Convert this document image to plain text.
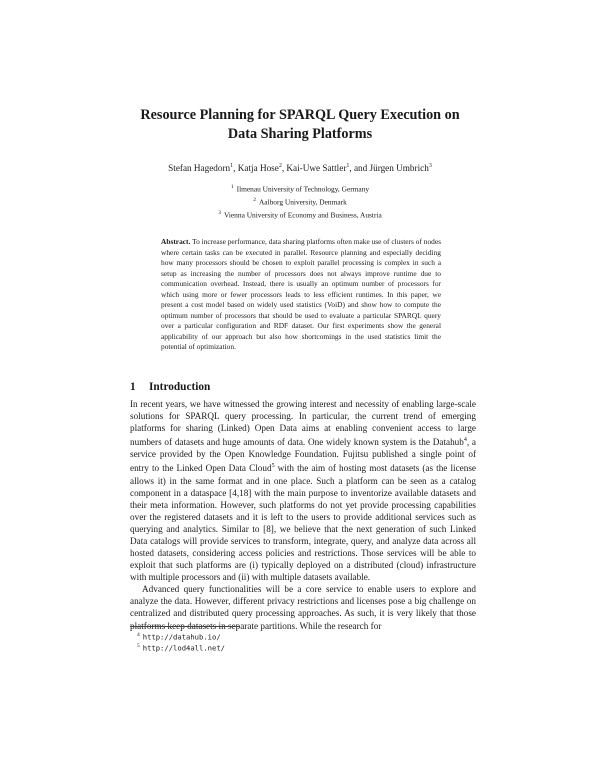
Resource Planning for SPARQL Query Execution on
Data Sharing Platforms
Stefan Hagedorn$^1$, Katja Hose$^2$, Kai-Uwe Sattler$^1$, and Jürgen Umbrich$^3$
$^1$ Ilmenau University of Technology, Germany
$^2$ Aalborg University, Denmark
$^3$ Vienna University of Economy and Business, Austria
Abstract. To increase performance, data sharing platforms often make use of clusters of nodes where certain tasks can be executed in parallel. Resource planning and especially deciding how many processors should be chosen to exploit parallel processing is complex in such a setup as increasing the number of processors does not always improve runtime due to communication overhead. Instead, there is usually an optimum number of processors for which using more or fewer processors leads to less efficient runtimes. In this paper, we present a cost model based on widely used statistics (VoiD) and show how to compute the optimum number of processors that should be used to evaluate a particular SPARQL query over a particular configuration and RDF dataset. Our first experiments show the general applicability of our approach but also how shortcomings in the used statistics limit the potential of optimization.
1 Introduction

In recent years, we have witnessed the growing interest and necessity of enabling large-scale solutions for SPARQL query processing. In particular, the current trend of emerging platforms for sharing (Linked) Open Data aims at enabling convenient access to large numbers of datasets and huge amounts of data. One widely known system is the Datahub$^4$, a service provided by the Open Knowledge Foundation. Fujitsu published a single point of entry to the Linked Open Data Cloud$^5$ with the aim of hosting most datasets (as the license allows it) in the same format and in one place. Such a platform can be seen as a catalog component in a dataspace [4,18] with the main purpose to inventorize available datasets and their meta information. However, such platforms do not yet provide processing capabilities over the registered datasets and it is left to the users to provide additional services such as querying and analytics. Similar to [8], we believe that the next generation of such Linked Data catalogs will provide services to transform, integrate, query, and analyze data across all hosted datasets, considering access policies and restrictions. Those services will be able to exploit that such platforms are (i) typically deployed on a distributed (cloud) infrastructure with multiple processors and (ii) with multiple datasets available.

Advanced query functionalities will be a core service to enable users to explore and analyze the data. However, different privacy restrictions and licenses pose a big challenge on centralized and distributed query processing approaches. As such, it is very likely that those platforms keep datasets in separate partitions. While the research for

$^4$ http://datahub.io/
$^5$ http://lod4all.net/
